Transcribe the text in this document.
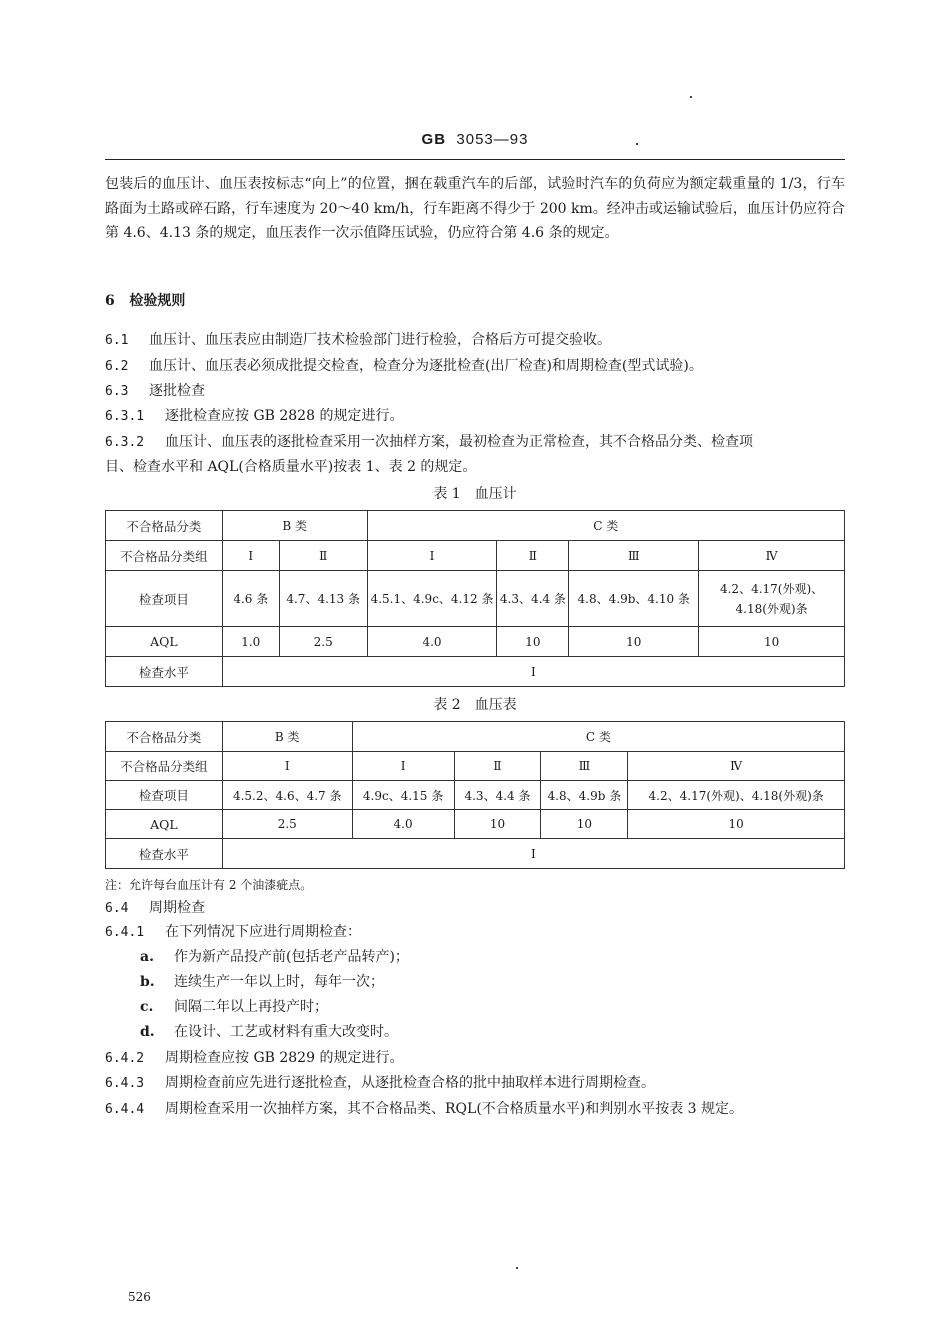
GB 3053—93
包装后的血压计、血压表按标志“向上”的位置，捆在载重汽车的后部，试验时汽车的负荷应为额定载重量的 1/3，行车路面为土路或碎石路，行车速度为 20～40 km/h，行车距离不得少于 200 km。经冲击或运输试验后，血压计仍应符合第 4.6、4.13 条的规定，血压表作一次示值降压试验，仍应符合第 4.6 条的规定。
6 检验规则
6.1 血压计、血压表应由制造厂技术检验部门进行检验，合格后方可提交验收。
6.2 血压计、血压表必须成批提交检查，检查分为逐批检查(出厂检查)和周期检查(型式试验)。
6.3 逐批检查
6.3.1 逐批检查应按 GB 2828 的规定进行。
6.3.2 血压计、血压表的逐批检查采用一次抽样方案，最初检查为正常检查，其不合格品分类、检查项
目、检查水平和 AQL(合格质量水平)按表 1、表 2 的规定。
表 1　血压计
不合格品分类	B 类		C 类			
不合格品分类组	Ⅰ	Ⅱ	Ⅰ	Ⅱ	Ⅲ	Ⅳ
检查项目	4.6 条	4.7、4.13 条	4.5.1、4.9c、4.12 条	4.3、4.4 条	4.8、4.9b、4.10 条	4.2、4.17(外观)、
4.18(外观)条

AQL	1.0	2.5	4.0	10	10	10
检查水平	Ⅰ					
表 2　血压表
不合格品分类	B 类	C 类			
不合格品分类组	Ⅰ	Ⅰ	Ⅱ	Ⅲ	Ⅳ
检查项目	4.5.2、4.6、4.7 条	4.9c、4.15 条	4.3、4.4 条	4.8、4.9b 条	4.2、4.17(外观)、4.18(外观)条
AQL	2.5	4.0	10	10	10
检查水平	Ⅰ				
注：允许每台血压计有 2 个油漆疵点。
6.4 周期检查
6.4.1 在下列情况下应进行周期检查：
a. 作为新产品投产前(包括老产品转产)；
b. 连续生产一年以上时，每年一次；
c. 间隔二年以上再投产时；
d. 在设计、工艺或材料有重大改变时。
6.4.2 周期检查应按 GB 2829 的规定进行。
6.4.3 周期检查前应先进行逐批检查，从逐批检查合格的批中抽取样本进行周期检查。
6.4.4 周期检查采用一次抽样方案，其不合格品类、RQL(不合格质量水平)和判别水平按表 3 规定。
526
